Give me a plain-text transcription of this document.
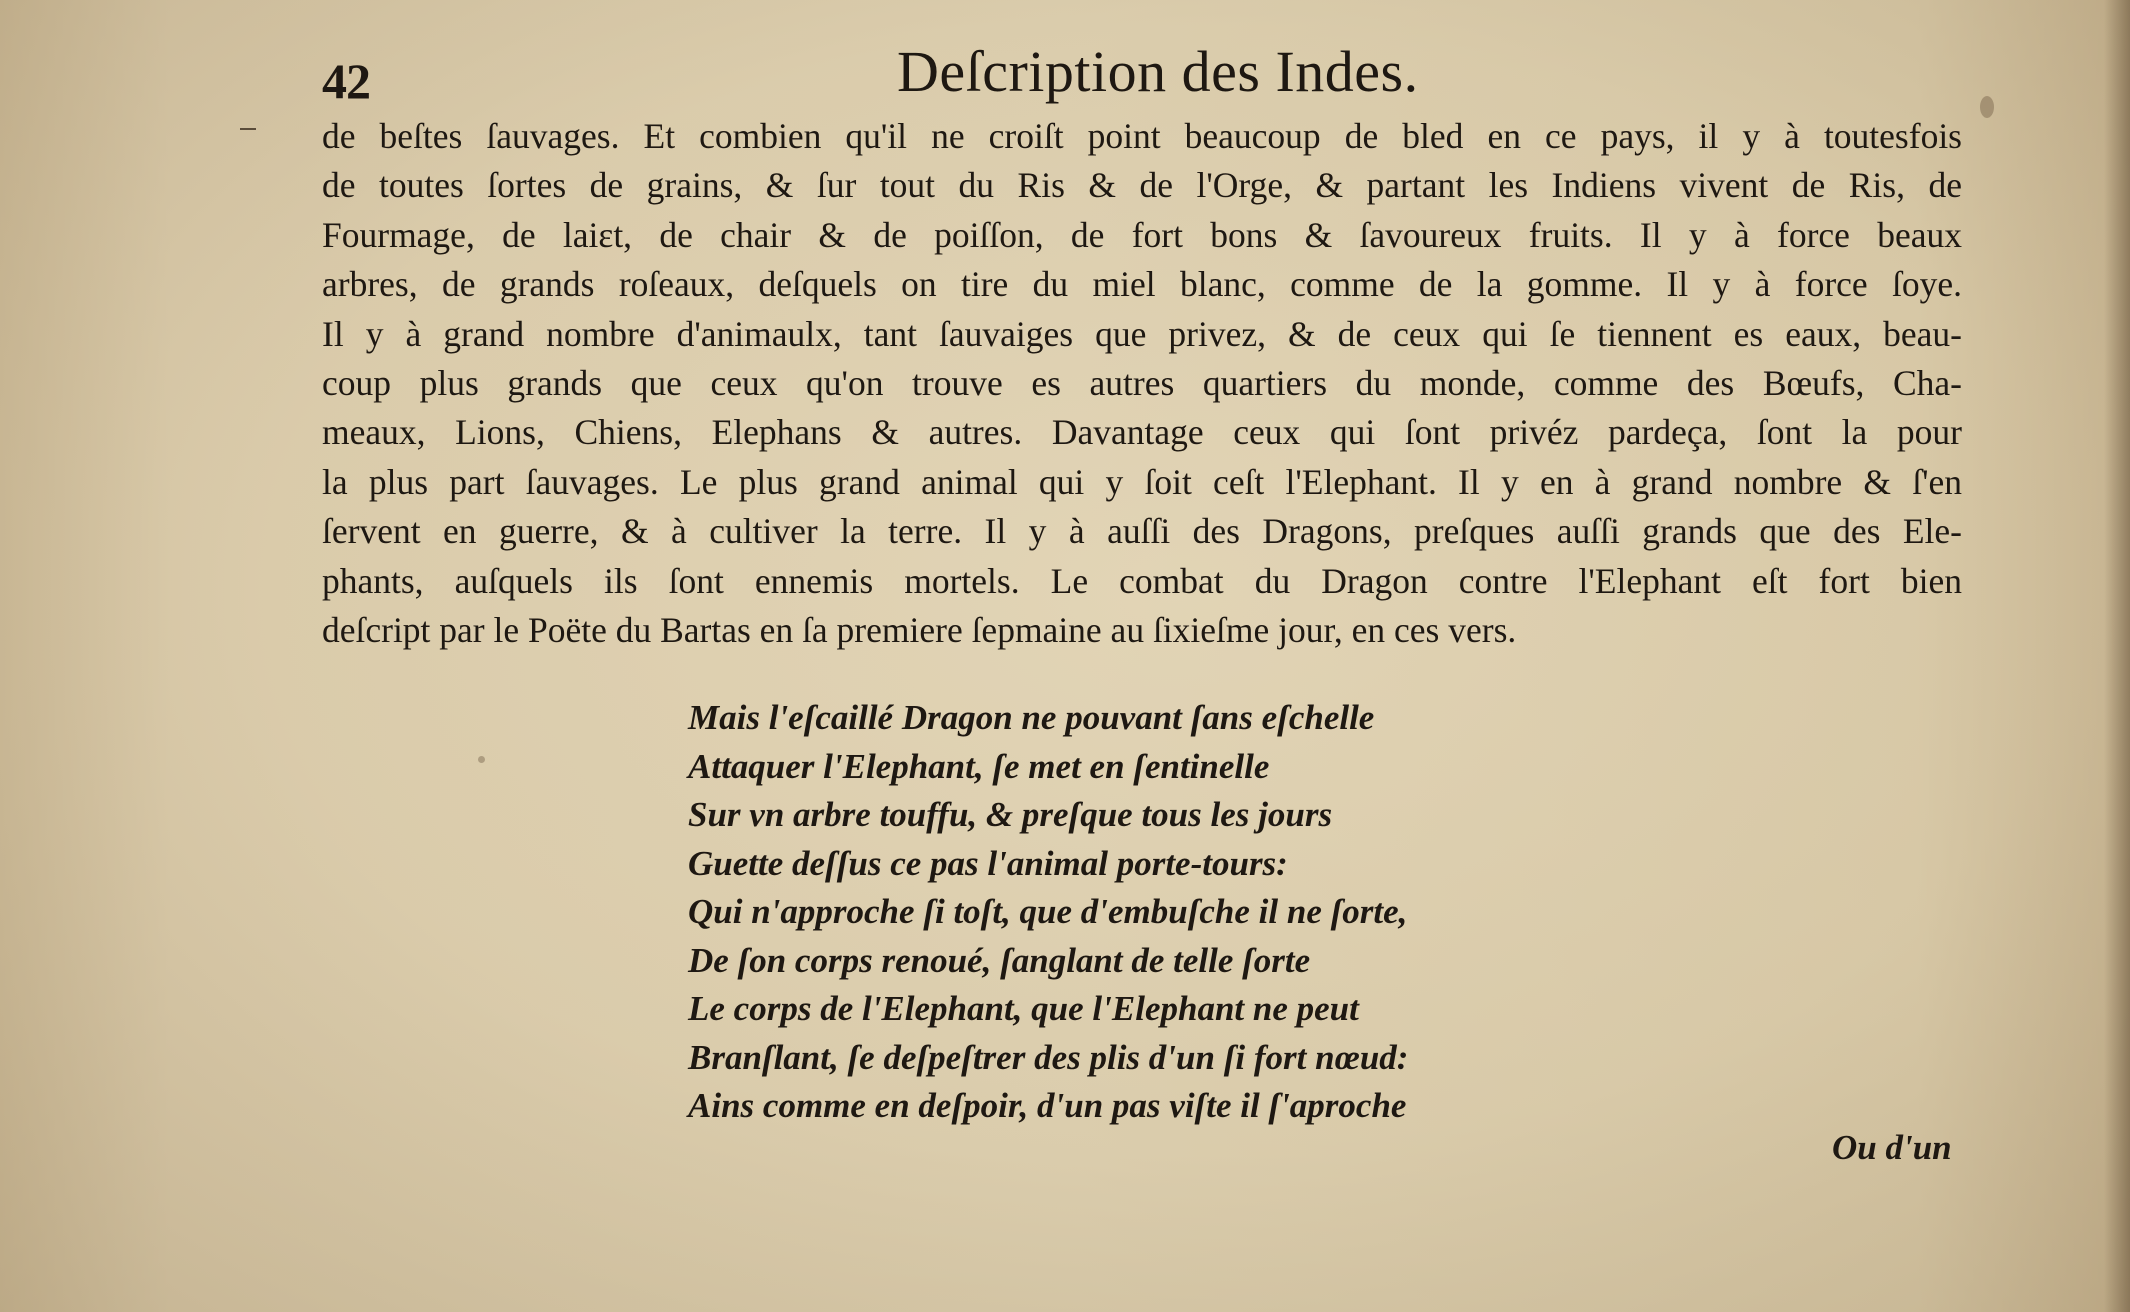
42	Deſcription des Indes.
de beſtes ſauvages. Et combien qu'il ne croiſt point beaucoup de bled en ce pays, il y à toutesfois
de toutes ſortes de grains, & ſur tout du Ris & de l'Orge, & partant les Indiens vivent de Ris, de
Fourmage, de laiɛt, de chair & de poiſſon, de fort bons & ſavoureux fruits. Il y à force beaux
arbres, de grands roſeaux, deſquels on tire du miel blanc, comme de la gomme. Il y à force ſoye.
Il y à grand nombre d'animaulx, tant ſauvaiges que privez, & de ceux qui ſe tiennent es eaux, beau-
coup plus grands que ceux qu'on trouve es autres quartiers du monde, comme des Bœufs, Cha-
meaux, Lions, Chiens, Elephans & autres. Davantage ceux qui ſont privéz pardeça, ſont la pour
la plus part ſauvages. Le plus grand animal qui y ſoit ceſt l'Elephant. Il y en à grand nombre & ſ'en
ſervent en guerre, & à cultiver la terre. Il y à auſſi des Dragons, preſques auſſi grands que des Ele-
phants, auſquels ils ſont ennemis mortels. Le combat du Dragon contre l'Elephant eſt fort bien
deſcript par le Poëte du Bartas en ſa premiere ſepmaine au ſixieſme jour, en ces vers.
Mais l'eſcaillé Dragon ne pouvant ſans eſchelle
Attaquer l'Elephant, ſe met en ſentinelle
Sur vn arbre touffu, & preſque tous les jours
Guette deſſus ce pas l'animal porte-tours:
Qui n'approche ſi toſt, que d'embuſche il ne ſorte,
De ſon corps renoué, ſanglant de telle ſorte
Le corps de l'Elephant, que l'Elephant ne peut
Branſlant, ſe deſpeſtrer des plis d'un ſi fort nœud:
Ains comme en deſpoir, d'un pas viſte il ſ'aproche
Ou d'un
